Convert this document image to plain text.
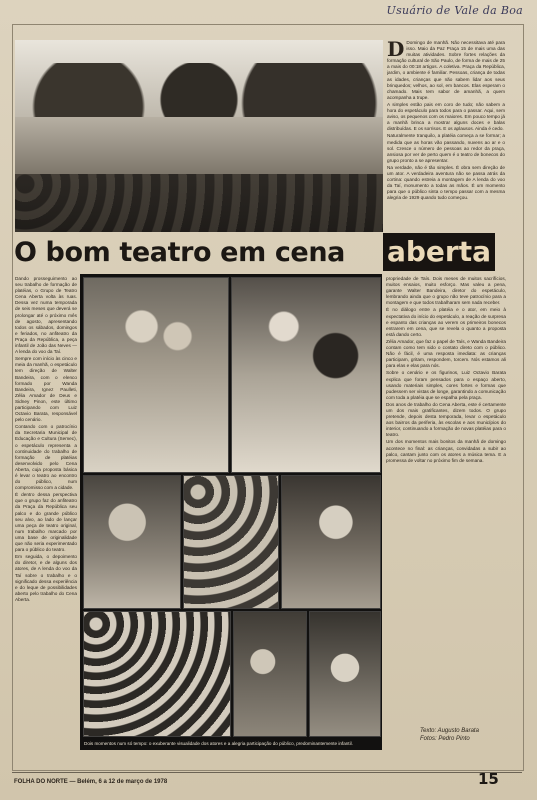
Usuário de Vale da Boa

D Domingo de manhã. Não necessitava até para isso. Maio da Paz Praça 15 de mais uma das muitas atividades. Sobre fortes relações da formação cultural de São Paulo, de forma de mais de 25 a mais do 00:18 artigos. A coletiva. Praça da República, jardim, o ambiente é familiar. Pessoas, criança de todas as idades, crianças que não sabem lidar aos seus brinquedos; velhos, ao sol, em bancos. Elas esperam o chamado. Mais tem sabor de amanhã, a quem acompanha a trupe.

A simples estão pais em coro de tudo; não sabem a hora do espetáculo para todos para o passar. Aqui, sem aviso, os pequenos com os maiores. Em pouco tempo já a manhã brinca a mostrar alguns doces e balas distribuídas. E os sorrisos. E os aplausos. Ainda é cedo.

Naturalmente tranquilo, a platéia começa a se formar; a medida que as horas vão passando, nuvens ao ar e o sol. Cresce o número de pessoas ao redor da praça, ansiosa por ver de perto quem é o teatro de bonecos do grupo pronto a se apresentar.

Na verdade, não é tão simples. É obra sem direção de um ator. A verdadeira aventura não se passa atrás da cortina: quando estreia a montagem de A lenda do voo da Taí, monumento a todas as mãos. É um momento para que o público sinta o tempo passar com a mesma alegria de 1929 quando tudo começou.

O bom teatro em cena	aberta

Dando prosseguimento ao seu trabalho de formação de platéias, o Grupo de Teatro Cena Aberta volta às ruas. Dessa vez numa temporada de seis meses que deverá se prolongar até o próximo mês de agosto, apresentando todos os sábados, domingos e feriados, no anfiteatro da Praça da República, a peça infantil de João das Neves — A lenda do voo da Taí.

Sempre com início às cinco e meia da manhã, o espetáculo tem direção de Walter Bandeira, com o elenco formado por Wanda Bandeira, Ignez Paulleti, Zélia Amador de Deus e Sidney Pinon, este último participando com Luiz Octavio Barata, responsável pelo cenário.

Contando com o patrocínio da Secretaria Municipal de Educação e Cultura (Semec), o espetáculo representa a continuidade do trabalho de formação de platéias desenvolvido pelo Cena Aberta, cuja proposta básica é levar o teatro ao encontro do público, num compromisso com a cidade.

É dentro dessa perspectiva que o grupo faz do anfiteatro da Praça da República seu palco e do grande público seu alvo, ao lado de lançar uma peça de teatro original, num trabalho marcado por uma base de originalidade que não seria experimentado para o público do teatro.

Em seguida, o depoimento do diretor, e de alguns dos atores, de A lenda do voo da Taí sobre o trabalho e o significado dessa experiência e do leque de possibilidades aberto pelo trabalho do Cena Aberta.

Dois momentos num só tempo: o exuberante visualidade dos atores e a alegria participação do público, predominantemente infantil.

propriedade de Taís. Dois meses de muitos sacrifícios, muitos ensaios, muito esforço. Mas valeu a pena, garante Walter Bandeira, diretor do espetáculo, lembrando ainda que o grupo não teve patrocínio para a montagem e que todos trabalharam sem nada receber.

É no diálogo entre a platéia e o ator, em meio à expectativa do início do espetáculo, a reação de surpresa e espanto das crianças ao verem os primeiros bonecos entrarem em cena, que se revela o quanto a proposta está dando certo.

Zélia Amador, que faz o papel de Taís, e Wanda Bandeira contam como tem sido o contato direto com o público. Não é fácil, é uma resposta imediata: as crianças participam, gritam, respondem, torcem. Nós estamos ali para elas e elas para nós.

Sobre o cenário e os figurinos, Luiz Octavio Barata explica que foram pensados para o espaço aberto, usando materiais simples, cores fortes e formas que pudessem ser vistas de longe, garantindo a comunicação com toda a platéia que se espalha pela praça.

Dos anos de trabalho do Cena Aberta, este é certamente um dos mais gratificantes, dizem todos. O grupo pretende, depois desta temporada, levar o espetáculo aos bairros da periferia, às escolas e aos municípios do interior, continuando a formação de novas platéias para o teatro.

Um dos momentos mais bonitos da manhã de domingo acontece no final: as crianças, convidadas a subir ao palco, cantam junto com os atores a música tema. E a promessa de voltar no próximo fim de semana.

Texto: Augusto Barata
Fotos: Pedro Pinto
FOLHA DO NORTE — Belém, 6 a 12 de março de 1978	15
